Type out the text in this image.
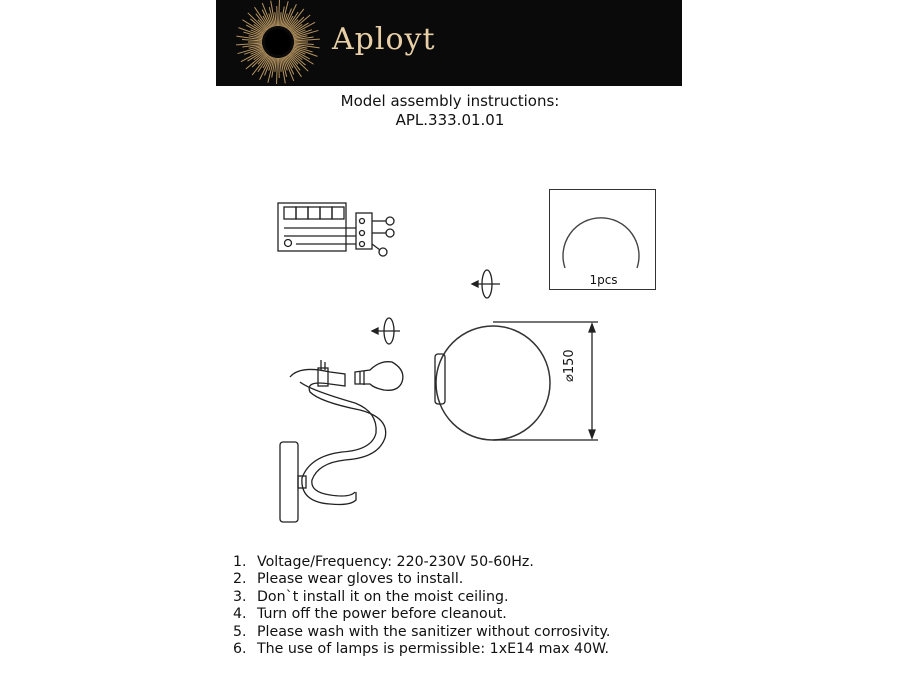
Aployt
Model assembly instructions:
APL.333.01.01
1pcs
⌀150
1. Voltage/Frequency: 220-230V 50-60Hz.
2. Please wear gloves to install.
3. Don`t install it on the moist ceiling.
4. Turn off the power before cleanout.
5. Please wash with the sanitizer without corrosivity.
6. The use of lamps is permissible: 1xE14 max 40W.
